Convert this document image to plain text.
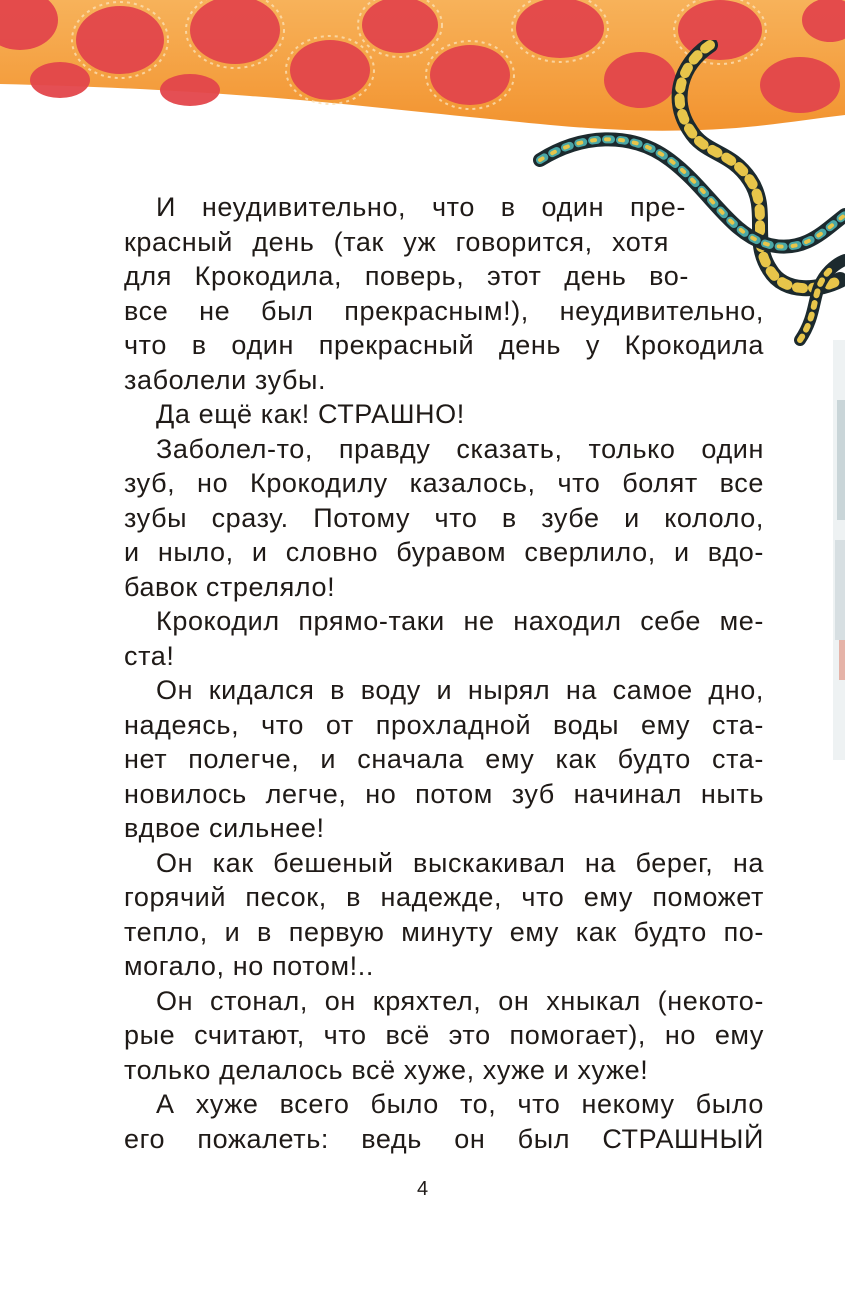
И неудивительно, что в один пре-
красный день (так уж говорится, хотя
для Крокодила, поверь, этот день во-
все не был прекрасным!), неудивительно,
что в один прекрасный день у Крокодила
заболели зубы.
Да ещё как! СТРАШНО!
Заболел-то, правду сказать, только один
зуб, но Крокодилу казалось, что болят все
зубы сразу. Потому что в зубе и кололо,
и ныло, и словно буравом сверлило, и вдо-
бавок стреляло!
Крокодил прямо-таки не находил себе ме-
ста!
Он кидался в воду и нырял на самое дно,
надеясь, что от прохладной воды ему ста-
нет полегче, и сначала ему как будто ста-
новилось легче, но потом зуб начинал ныть
вдвое сильнее!
Он как бешеный выскакивал на берег, на
горячий песок, в надежде, что ему поможет
тепло, и в первую минуту ему как будто по-
могало, но потом!..
Он стонал, он кряхтел, он хныкал (некото-
рые считают, что всё это помогает), но ему
только делалось всё хуже, хуже и хуже!
А хуже всего было то, что некому было
его пожалеть: ведь он был СТРАШНЫЙ
4
